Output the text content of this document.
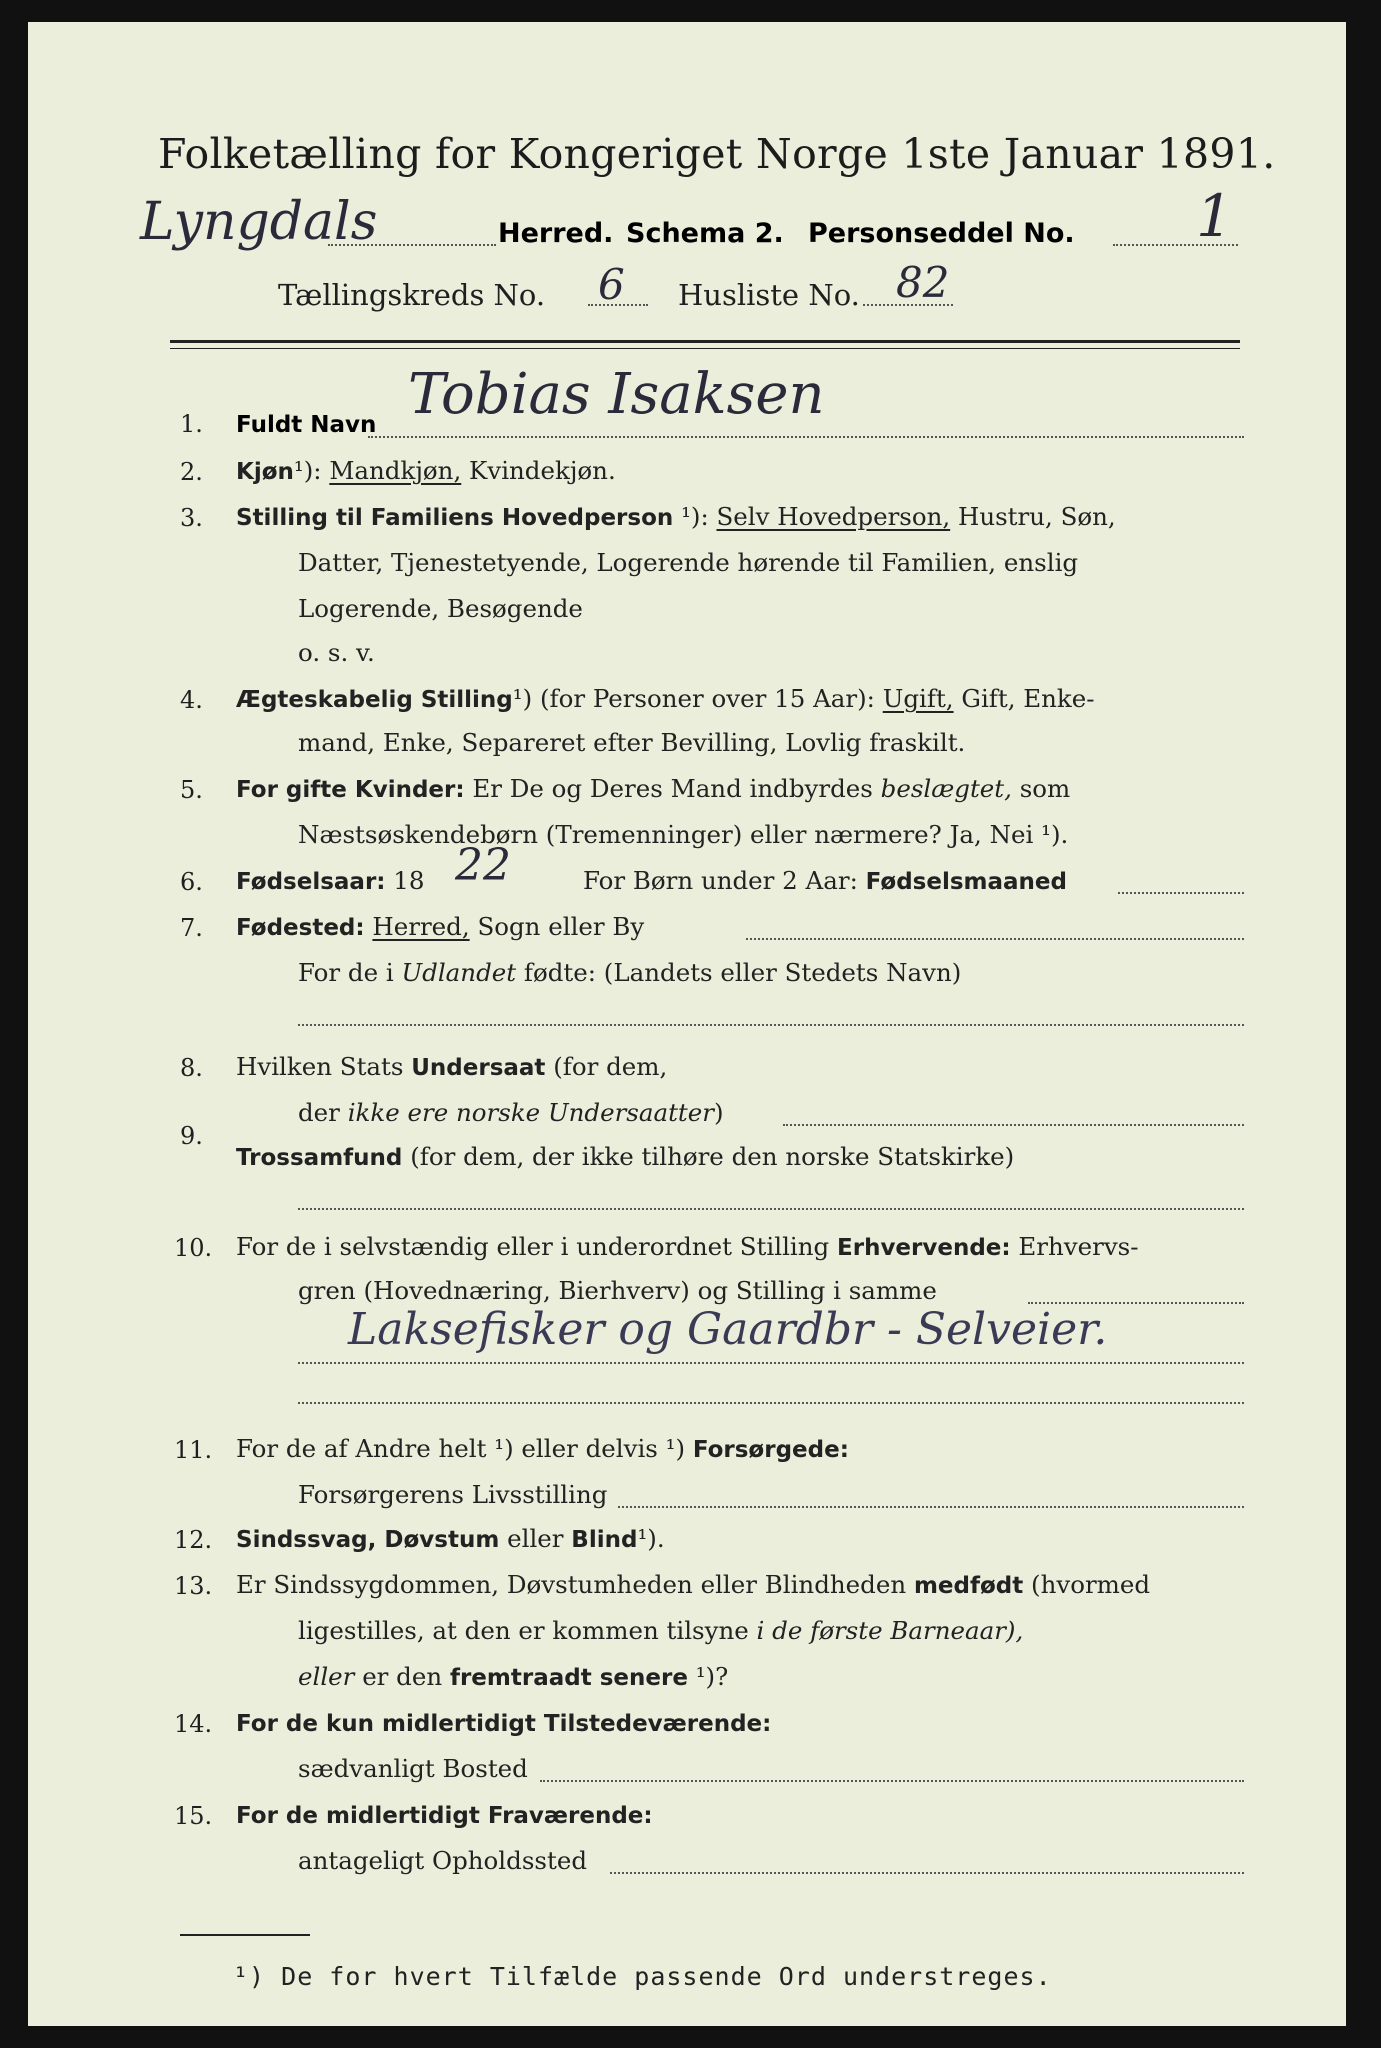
Folketælling for Kongeriget Norge 1ste Januar 1891.
Lyngdals	Herred. Schema 2. Personseddel No. 1
Tællingskreds No. 6 Husliste No. 82
1. Fuldt Navn Tobias Isaksen
2. Kjøn¹): Mandkjøn, Kvindekjøn.
3. Stilling til Familiens Hovedperson ¹): Selv Hovedperson, Hustru, Søn,
Datter, Tjenestetyende, Logerende hørende til Familien, enslig
Logerende, Besøgende
o. s. v.
4. Ægteskabelig Stilling¹) (for Personer over 15 Aar): Ugift, Gift, Enke-
mand, Enke, Separeret efter Bevilling, Lovlig fraskilt.
5. For gifte Kvinder: Er De og Deres Mand indbyrdes beslægtet, som
Næstsøskendebørn (Tremenninger) eller nærmere? Ja, Nei ¹).
6. Fødselsaar: 18 22	For Børn under 2 Aar: Fødselsmaaned
7. Fødested: Herred, Sogn eller By
For de i Udlandet fødte: (Landets eller Stedets Navn)
8. Hvilken Stats Undersaat (for dem,
der ikke ere norske Undersaatter)
9.
Trossamfund (for dem, der ikke tilhøre den norske Statskirke)
10. For de i selvstændig eller i underordnet Stilling Erhvervende: Erhvervs-
gren (Hovednæring, Bierhverv) og Stilling i samme
Laksefisker og Gaardbr - Selveier.
11. For de af Andre helt ¹) eller delvis ¹) Forsørgede:
Forsørgerens Livsstilling
12. Sindssvag, Døvstum eller Blind¹).
13. Er Sindssygdommen, Døvstumheden eller Blindheden medfødt (hvormed
ligestilles, at den er kommen tilsyne i de første Barneaar),
eller er den fremtraadt senere ¹)?
14. For de kun midlertidigt Tilstedeværende:
sædvanligt Bosted
15. For de midlertidigt Fraværende:
antageligt Opholdssted
¹) De for hvert Tilfælde passende Ord understreges.
